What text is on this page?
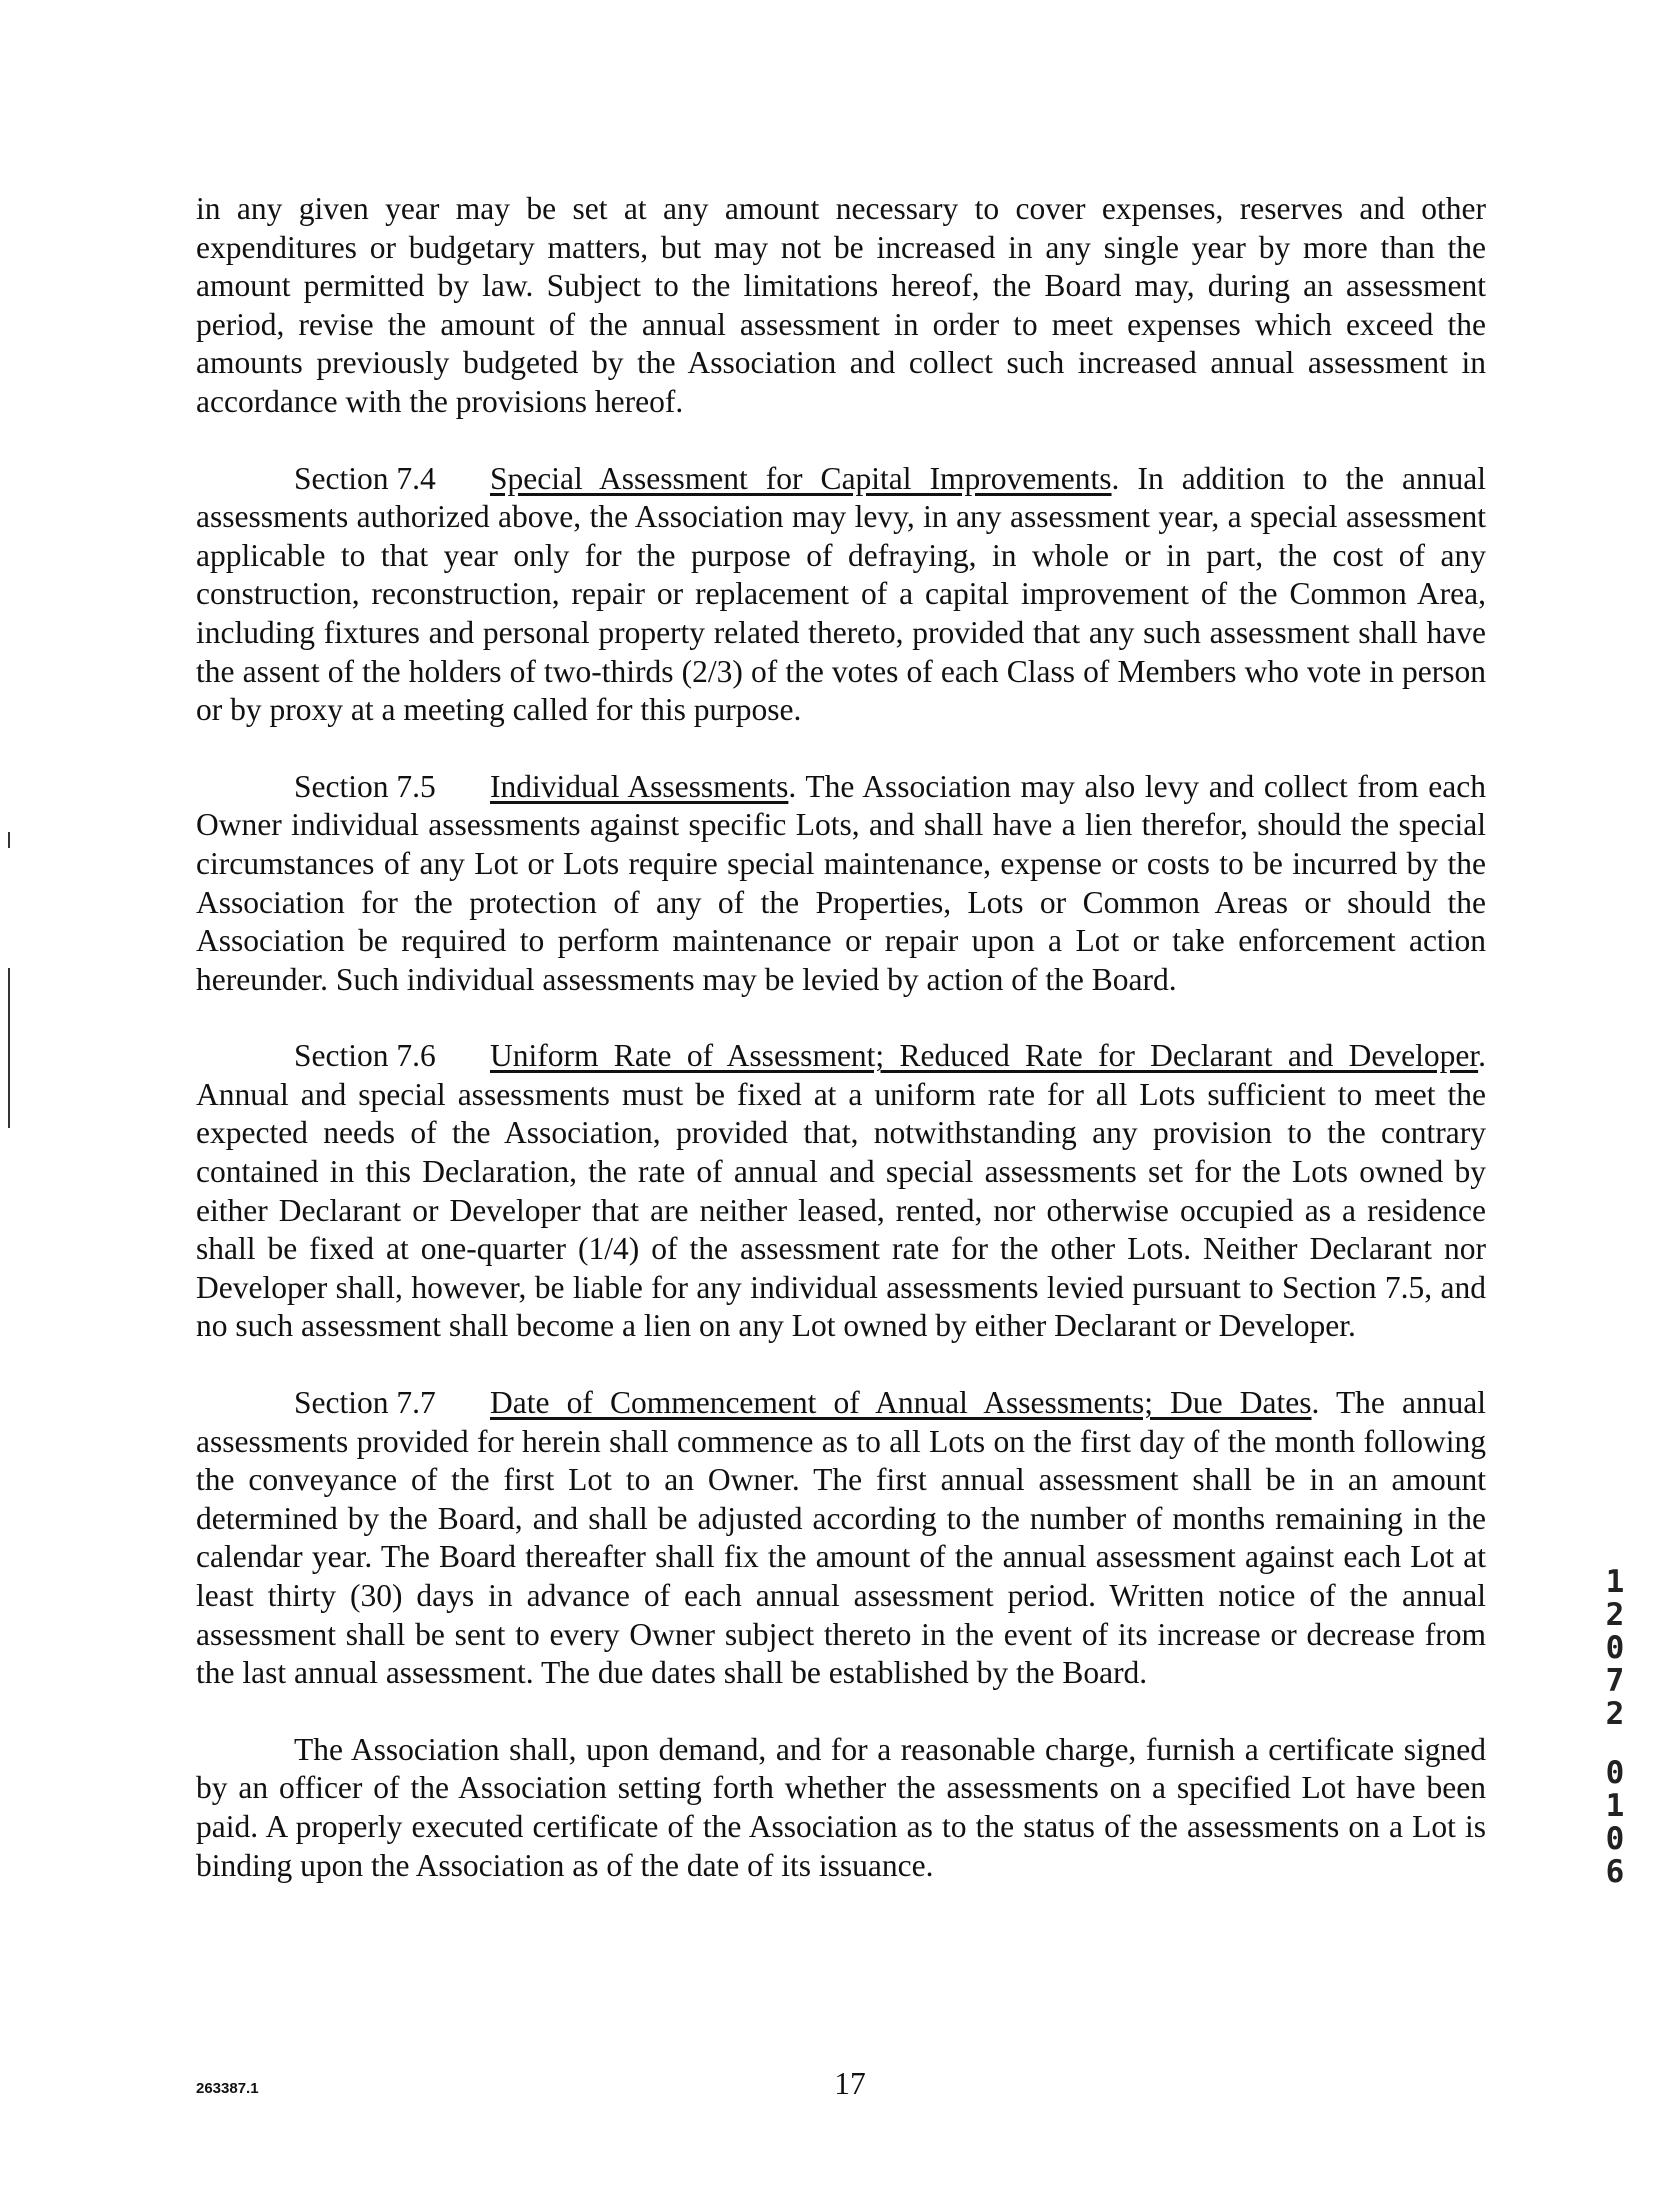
in any given year may be set at any amount necessary to cover expenses, reserves and other expenditures or budgetary matters, but may not be increased in any single year by more than the amount permitted by law. Subject to the limitations hereof, the Board may, during an assessment period, revise the amount of the annual assessment in order to meet expenses which exceed the amounts previously budgeted by the Association and collect such increased annual assessment in accordance with the provisions hereof.

Section 7.4 Special Assessment for Capital Improvements. In addition to the annual assessments authorized above, the Association may levy, in any assessment year, a special assessment applicable to that year only for the purpose of defraying, in whole or in part, the cost of any construction, reconstruction, repair or replacement of a capital improvement of the Common Area, including fixtures and personal property related thereto, provided that any such assessment shall have the assent of the holders of two-thirds (2/3) of the votes of each Class of Members who vote in person or by proxy at a meeting called for this purpose.

Section 7.5 Individual Assessments. The Association may also levy and collect from each Owner individual assessments against specific Lots, and shall have a lien therefor, should the special circumstances of any Lot or Lots require special maintenance, expense or costs to be incurred by the Association for the protection of any of the Properties, Lots or Common Areas or should the Association be required to perform maintenance or repair upon a Lot or take enforcement action hereunder. Such individual assessments may be levied by action of the Board.

Section 7.6 Uniform Rate of Assessment; Reduced Rate for Declarant and Developer. Annual and special assessments must be fixed at a uniform rate for all Lots sufficient to meet the expected needs of the Association, provided that, notwithstanding any provision to the contrary contained in this Declaration, the rate of annual and special assessments set for the Lots owned by either Declarant or Developer that are neither leased, rented, nor otherwise occupied as a residence shall be fixed at one-quarter (1/4) of the assessment rate for the other Lots. Neither Declarant nor Developer shall, however, be liable for any individual assessments levied pursuant to Section 7.5, and no such assessment shall become a lien on any Lot owned by either Declarant or Developer.

Section 7.7 Date of Commencement of Annual Assessments; Due Dates. The annual assessments provided for herein shall commence as to all Lots on the first day of the month following the conveyance of the first Lot to an Owner. The first annual assessment shall be in an amount determined by the Board, and shall be adjusted according to the number of months remaining in the calendar year. The Board thereafter shall fix the amount of the annual assessment against each Lot at least thirty (30) days in advance of each annual assessment period. Written notice of the annual assessment shall be sent to every Owner subject thereto in the event of its increase or decrease from the last annual assessment. The due dates shall be established by the Board.

The Association shall, upon demand, and for a reasonable charge, furnish a certificate signed by an officer of the Association setting forth whether the assessments on a specified Lot have been paid. A properly executed certificate of the Association as to the status of the assessments on a Lot is binding upon the Association as of the date of its issuance.

1
2
0
7
2
0
1
0
6
263387.1	17
